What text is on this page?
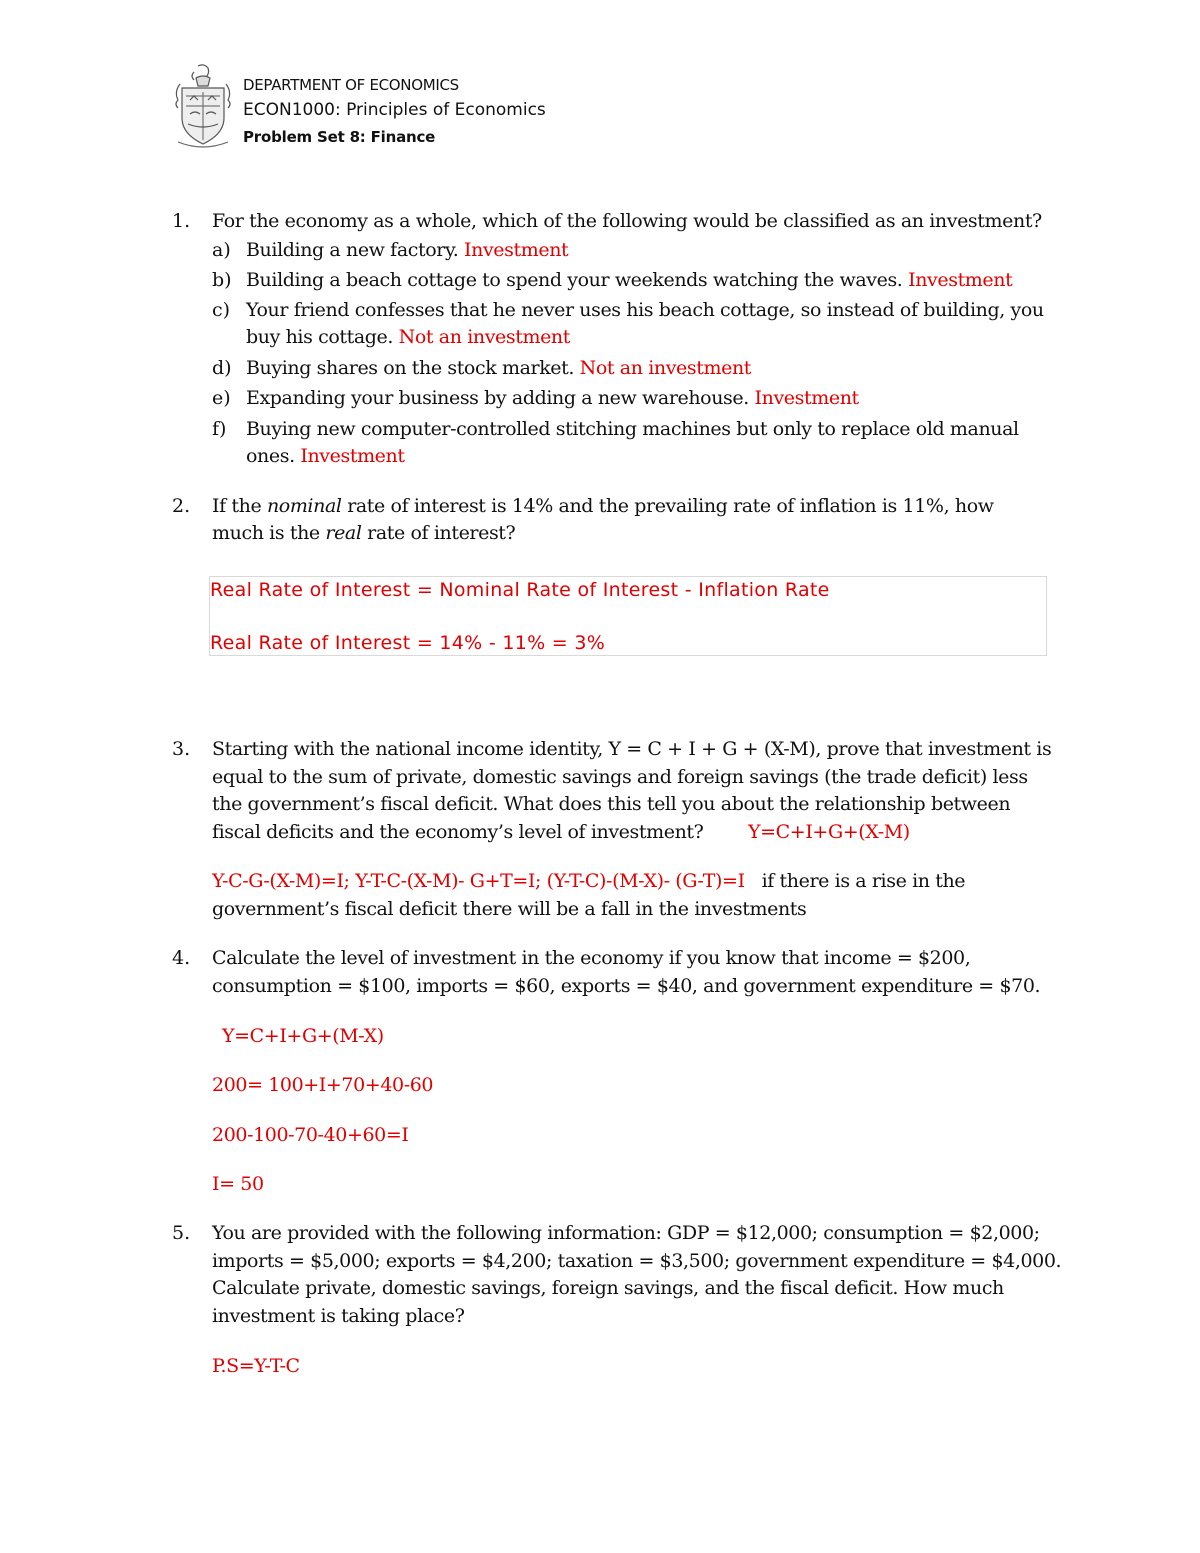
DEPARTMENT OF ECONOMICS
ECON1000: Principles of Economics
Problem Set 8: Finance
1. For the economy as a whole, which of the following would be classified as an investment?
a) Building a new factory. Investment
b) Building a beach cottage to spend your weekends watching the waves. Investment
c) Your friend confesses that he never uses his beach cottage, so instead of building, you
buy his cottage. Not an investment
d) Buying shares on the stock market. Not an investment
e) Expanding your business by adding a new warehouse. Investment
f) Buying new computer-controlled stitching machines but only to replace old manual
ones. Investment
2. If the nominal rate of interest is 14% and the prevailing rate of inflation is 11%, how
much is the real rate of interest?
Real Rate of Interest = Nominal Rate of Interest - Inflation Rate
Real Rate of Interest = 14% - 11% = 3%
3. Starting with the national income identity, Y = C + I + G + (X-M), prove that investment is
equal to the sum of private, domestic savings and foreign savings (the trade deficit) less
the government’s fiscal deficit. What does this tell you about the relationship between
fiscal deficits and the economy’s level of investment? Y=C+I+G+(X-M)
Y-C-G-(X-M)=I; Y-T-C-(X-M)- G+T=I; (Y-T-C)-(M-X)- (G-T)=I if there is a rise in the
government’s fiscal deficit there will be a fall in the investments
4. Calculate the level of investment in the economy if you know that income = $200,
consumption = $100, imports = $60, exports = $40, and government expenditure = $70.
Y=C+I+G+(M-X)
200= 100+I+70+40-60
200-100-70-40+60=I
I= 50
5. You are provided with the following information: GDP = $12,000; consumption = $2,000;
imports = $5,000; exports = $4,200; taxation = $3,500; government expenditure = $4,000.
Calculate private, domestic savings, foreign savings, and the fiscal deficit. How much
investment is taking place?
P.S=Y-T-C
